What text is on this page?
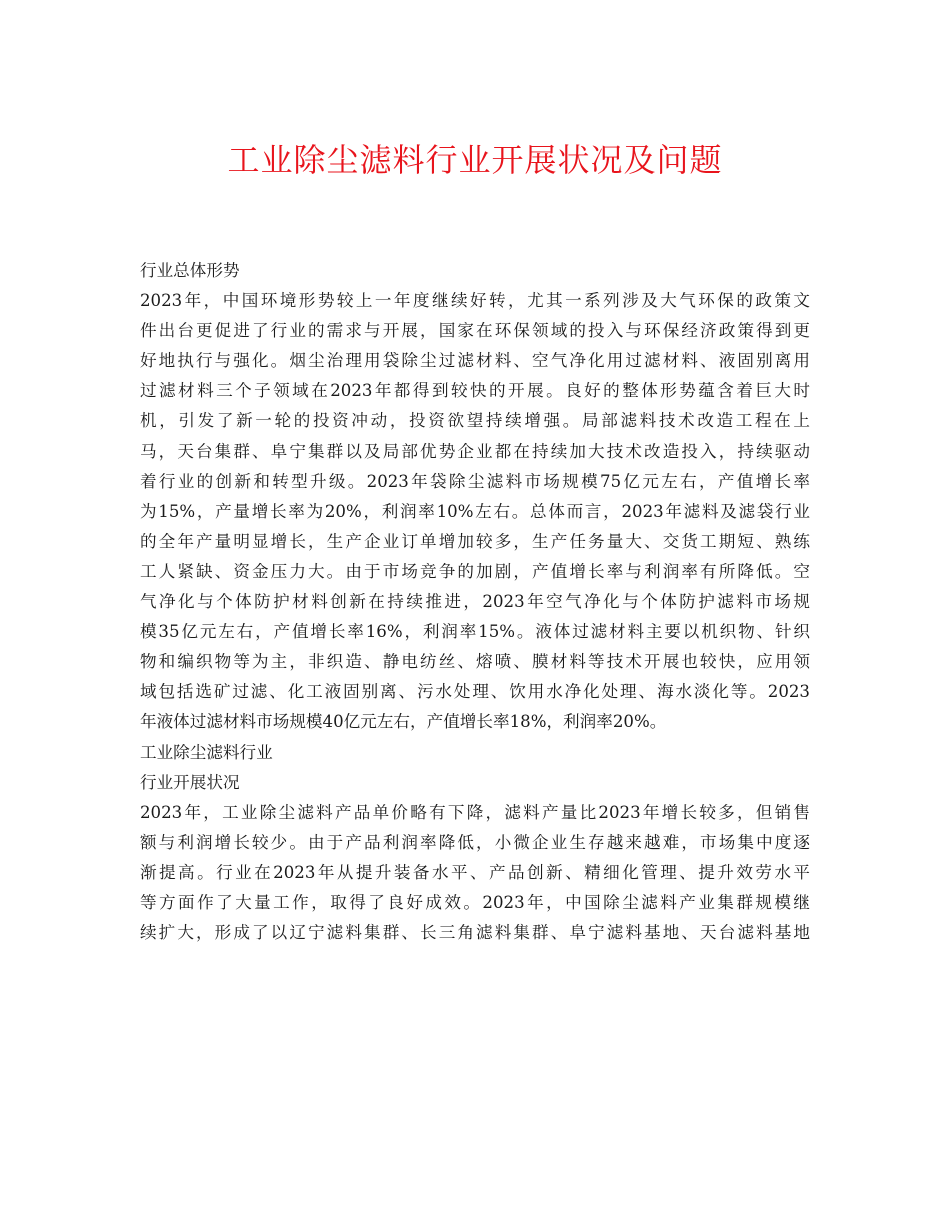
工业除尘滤料行业开展状况及问题
行业总体形势
2023年，中国环境形势较上一年度继续好转，尤其一系列涉及大气环保的政策文
件出台更促进了行业的需求与开展，国家在环保领域的投入与环保经济政策得到更
好地执行与强化。烟尘治理用袋除尘过滤材料、空气净化用过滤材料、液固别离用
过滤材料三个子领域在2023年都得到较快的开展。良好的整体形势蕴含着巨大时
机，引发了新一轮的投资冲动，投资欲望持续增强。局部滤料技术改造工程在上
马，天台集群、阜宁集群以及局部优势企业都在持续加大技术改造投入，持续驱动
着行业的创新和转型升级。2023年袋除尘滤料市场规模75亿元左右，产值增长率
为15%，产量增长率为20%，利润率10%左右。总体而言，2023年滤料及滤袋行业
的全年产量明显增长，生产企业订单增加较多，生产任务量大、交货工期短、熟练
工人紧缺、资金压力大。由于市场竞争的加剧，产值增长率与利润率有所降低。空
气净化与个体防护材料创新在持续推进，2023年空气净化与个体防护滤料市场规
模35亿元左右，产值增长率16%，利润率15%。液体过滤材料主要以机织物、针织
物和编织物等为主，非织造、静电纺丝、熔喷、膜材料等技术开展也较快，应用领
域包括选矿过滤、化工液固别离、污水处理、饮用水净化处理、海水淡化等。2023
年液体过滤材料市场规模40亿元左右，产值增长率18%，利润率20%。
工业除尘滤料行业
行业开展状况
2023年，工业除尘滤料产品单价略有下降，滤料产量比2023年增长较多，但销售
额与利润增长较少。由于产品利润率降低，小微企业生存越来越难，市场集中度逐
渐提高。行业在2023年从提升装备水平、产品创新、精细化管理、提升效劳水平
等方面作了大量工作，取得了良好成效。2023年，中国除尘滤料产业集群规模继
续扩大，形成了以辽宁滤料集群、长三角滤料集群、阜宁滤料基地、天台滤料基地
